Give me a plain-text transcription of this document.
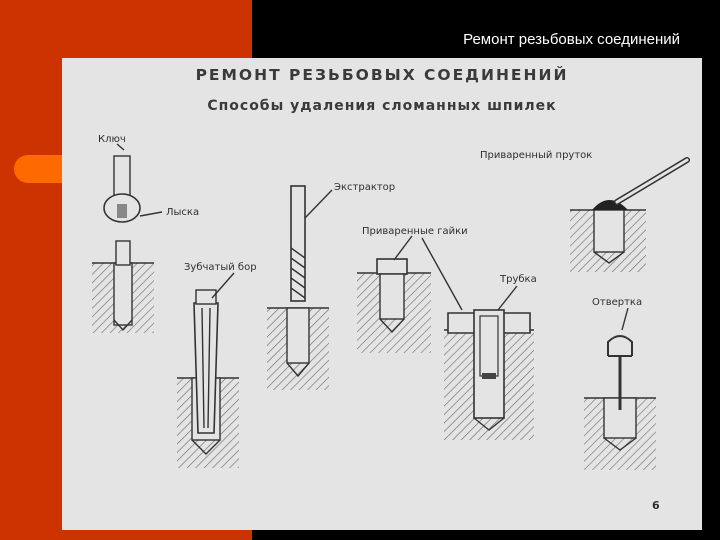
Ремонт резьбовых соединений
РЕМОНТ РЕЗЬБОВЫХ СОЕДИНЕНИЙ
Способы удаления сломанных шпилек
Ключ
Лыска
Зубчатый бор
Экстрактор
Приваренные гайки
Трубка
Приваренный пруток
Отвертка
6
